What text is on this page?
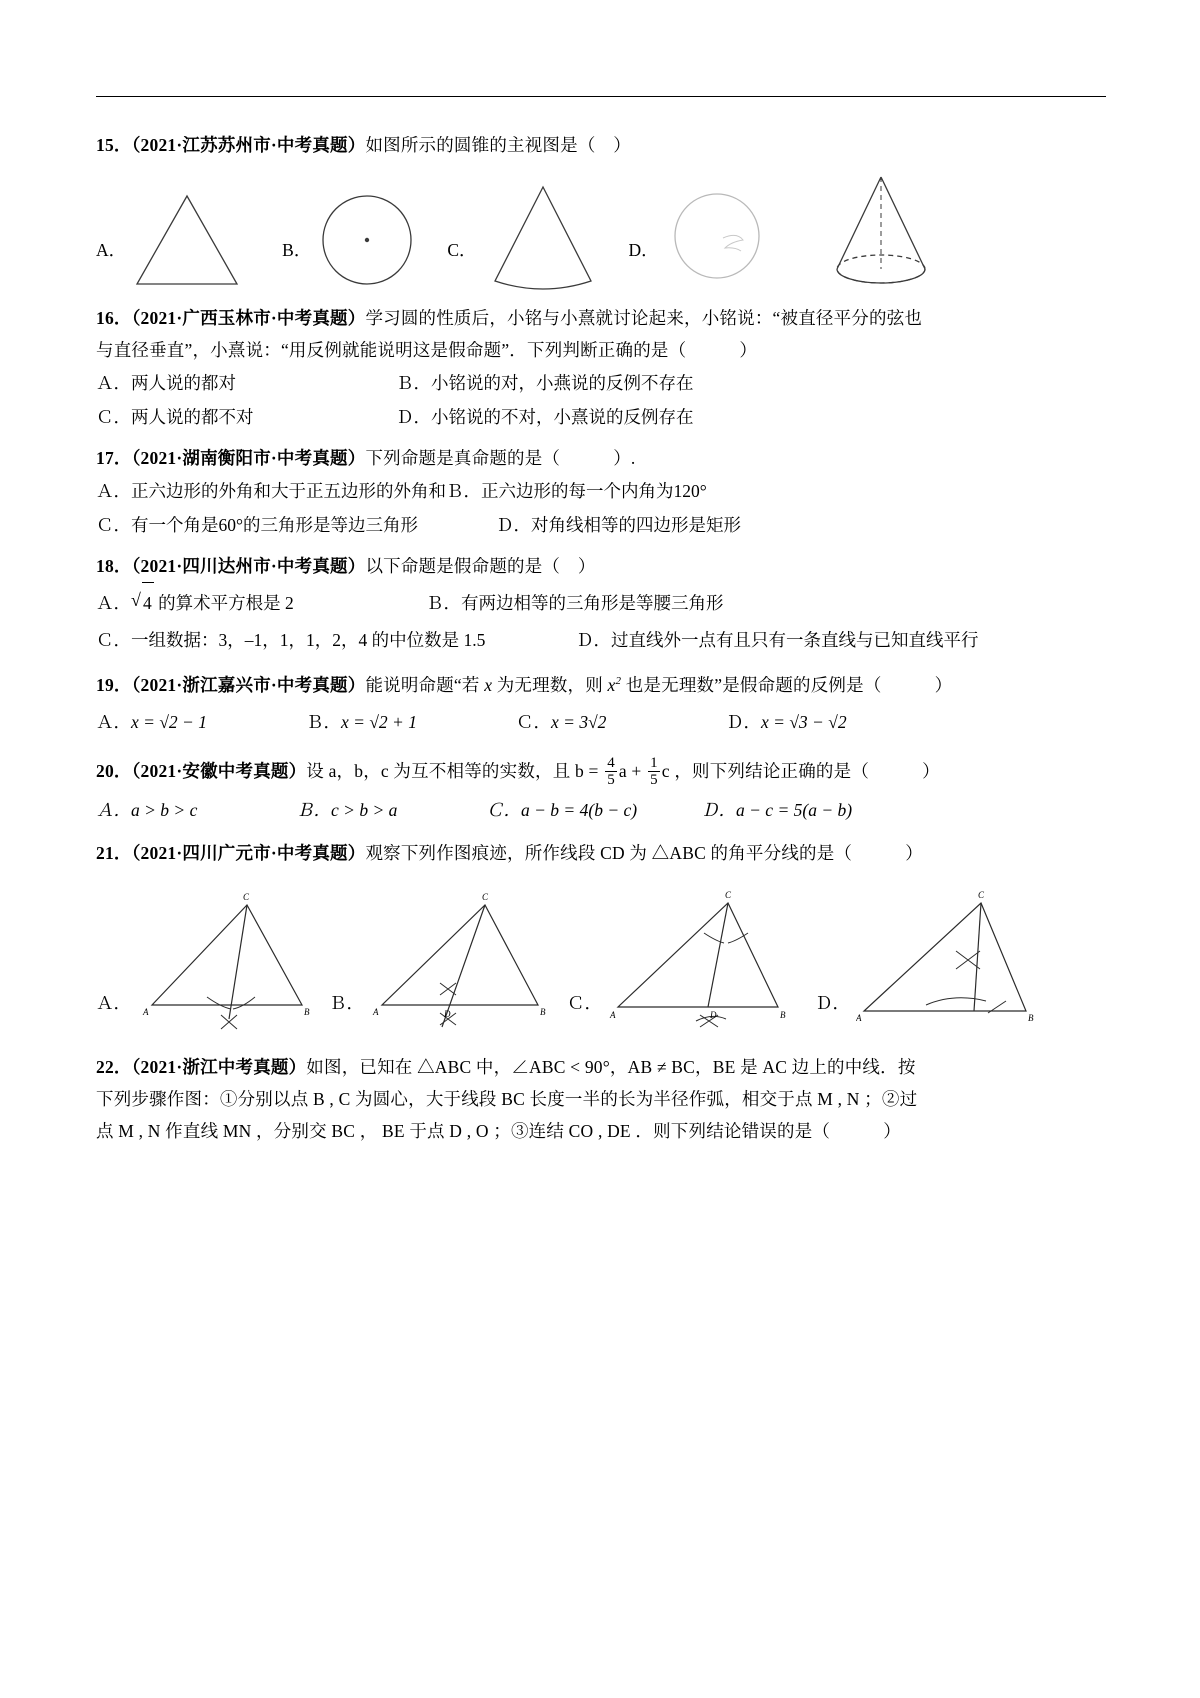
15．（2021·江苏苏州市·中考真题）如图所示的圆锥的主视图是（　）
A．	B．	C．	D．
16．（2021·广西玉林市·中考真题）学习圆的性质后，小铭与小熹就讨论起来，小铭说：“被直径平分的弦也
与直径垂直”，小熹说：“用反例就能说明这是假命题”．下列判断正确的是（　　　）
Ａ．两人说的都对	Ｂ．小铭说的对，小燕说的反例不存在
Ｃ．两人说的都不对	Ｄ．小铭说的不对，小熹说的反例存在
17．（2021·湖南衡阳市·中考真题）下列命题是真命题的是（　　　）.
Ａ．正六边形的外角和大于正五边形的外角和 Ｂ．正六边形的每一个内角为120°
Ｃ．有一个角是60°的三角形是等边三角形	Ｄ．对角线相等的四边形是矩形
18．（2021·四川达州市·中考真题）以下命题是假命题的是（　）
Ａ． √ 4 的算术平方根是 2	Ｂ．有两边相等的三角形是等腰三角形
Ｃ．一组数据：3，–1，1，1，2，4 的中位数是 1.5	Ｄ．过直线外一点有且只有一条直线与已知直线平行
19．（2021·浙江嘉兴市·中考真题）能说明命题“若 x 为无理数，则 $x^2$ 也是无理数”是假命题的反例是（　　　）
Ａ．x = √2 − 1	Ｂ．x = √2 + 1	Ｃ．x = 3√2	Ｄ．x = √3 − √2
20．（2021·安徽中考真题）设 a，b，c 为互不相等的实数，且 $b = \frac{4}{5}$ $a + \frac{1}{5}$ c ，则下列结论正确的是（　　　）
Ａ．a > b > c	Ｂ．c > b > a	Ｃ．a − b = 4(b − c)	Ｄ．a − c = 5(a − b)
21．（2021·四川广元市·中考真题）观察下列作图痕迹，所作线段 CD 为 △ABC 的角平分线的是（　　　）
Ａ．
C
A	B Ｂ．
C
A	B
D
Ｃ．
C
A	B
D
Ｄ．
C
A	B
22．（2021·浙江中考真题）如图，已知在 △ABC 中，∠ABC < 90°，AB ≠ BC，BE 是 AC 边上的中线．按
下列步骤作图：①分别以点 B , C 为圆心，大于线段 BC 长度一半的长为半径作弧，相交于点 M , N ；②过
点 M , N 作直线 MN ，分别交 BC ， BE 于点 D , O ；③连结 CO , DE ．则下列结论错误的是（　　　）
